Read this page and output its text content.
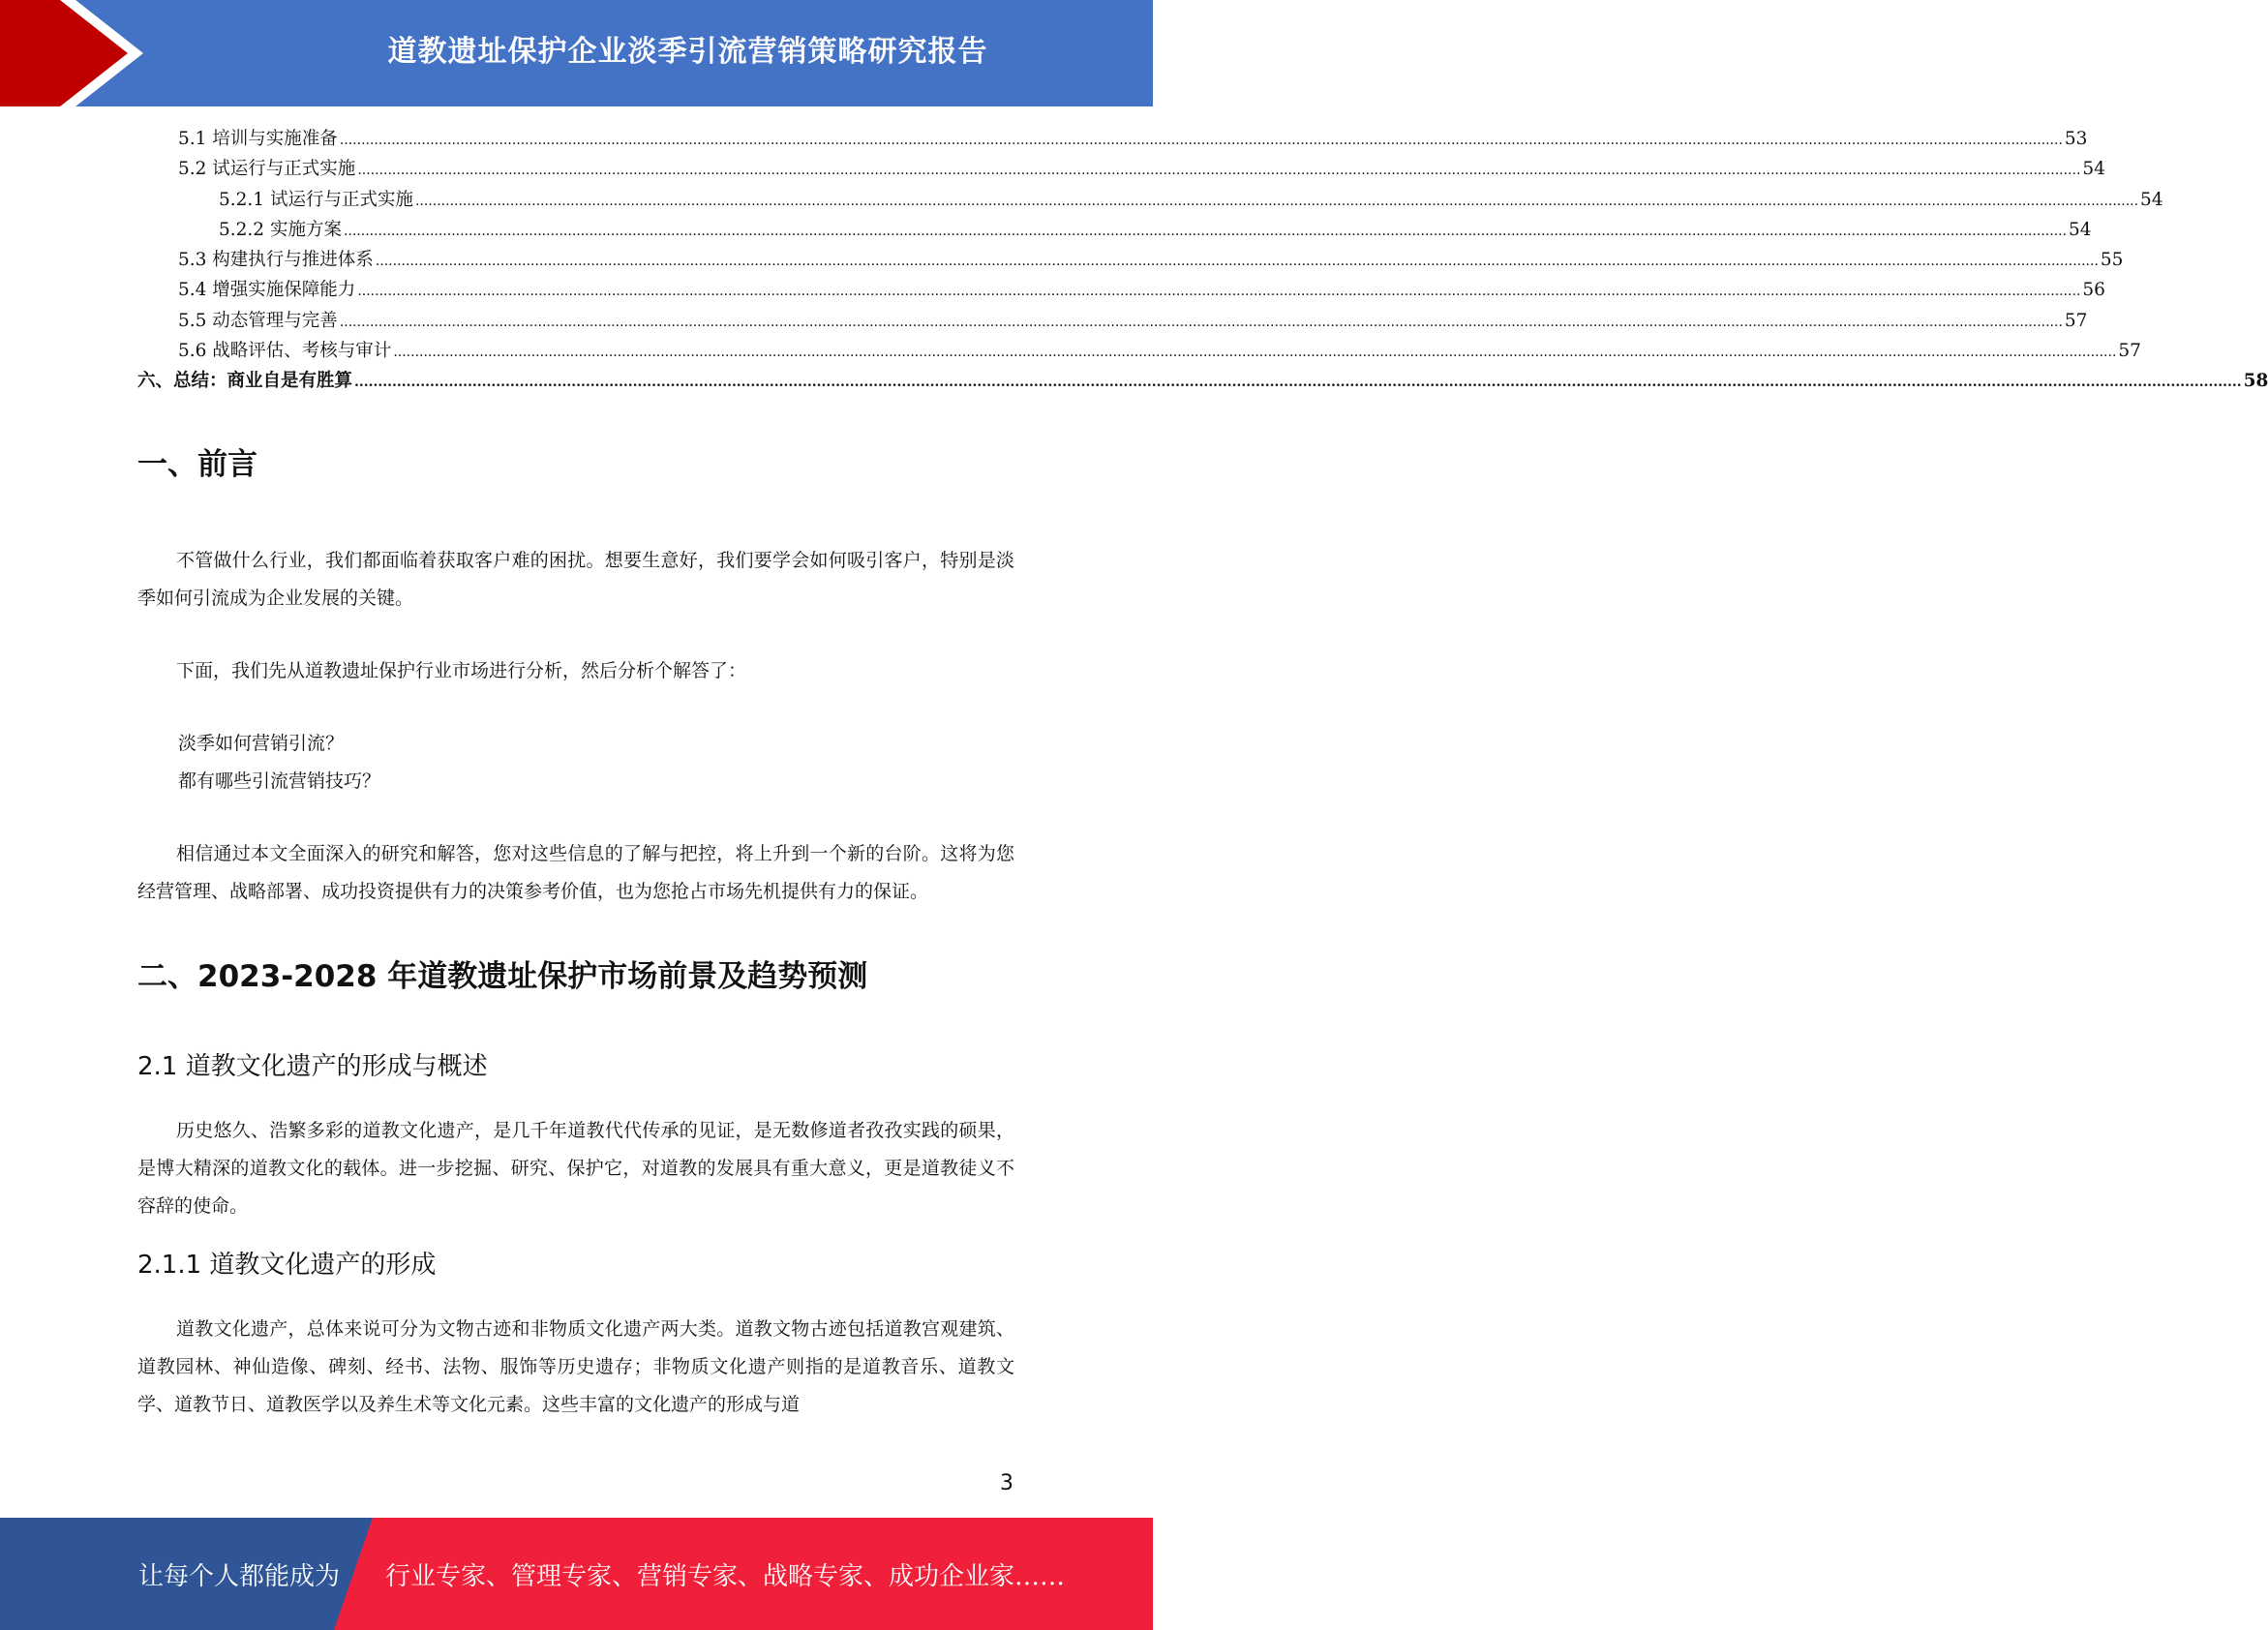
道教遗址保护企业淡季引流营销策略研究报告
5.1 培训与实施准备 ................................................................................................................................................................................................................................................................................................................................................................................................................ 53
5.2 试运行与正式实施 ................................................................................................................................................................................................................................................................................................................................................................................................................ 54
5.2.1 试运行与正式实施 ................................................................................................................................................................................................................................................................................................................................................................................................................ 54
5.2.2 实施方案 ................................................................................................................................................................................................................................................................................................................................................................................................................ 54
5.3 构建执行与推进体系 ................................................................................................................................................................................................................................................................................................................................................................................................................ 55
5.4 增强实施保障能力 ................................................................................................................................................................................................................................................................................................................................................................................................................ 56
5.5 动态管理与完善 ................................................................................................................................................................................................................................................................................................................................................................................................................ 57
5.6 战略评估、考核与审计 ................................................................................................................................................................................................................................................................................................................................................................................................................ 57
六、总结：商业自是有胜算 ................................................................................................................................................................................................................................................................................................................................................................................................................ 58
一、前言

不管做什么行业，我们都面临着获取客户难的困扰。想要生意好，我们要学会如何吸引客户，特别是淡季如何引流成为企业发展的关键。

下面，我们先从道教遗址保护行业市场进行分析，然后分析个解答了：

淡季如何营销引流？

都有哪些引流营销技巧？

相信通过本文全面深入的研究和解答，您对这些信息的了解与把控，将上升到一个新的台阶。这将为您经营管理、战略部署、成功投资提供有力的决策参考价值，也为您抢占市场先机提供有力的保证。

二、2023-2028 年道教遗址保护市场前景及趋势预测
2.1 道教文化遗产的形成与概述

历史悠久、浩繁多彩的道教文化遗产，是几千年道教代代传承的见证，是无数修道者孜孜实践的硕果，是博大精深的道教文化的载体。进一步挖掘、研究、保护它，对道教的发展具有重大意义，更是道教徒义不容辞的使命。

2.1.1 道教文化遗产的形成

道教文化遗产，总体来说可分为文物古迹和非物质文化遗产两大类。道教文物古迹包括道教宫观建筑、道教园林、神仙造像、碑刻、经书、法物、服饰等历史遗存；非物质文化遗产则指的是道教音乐、道教文学、道教节日、道教医学以及养生术等文化元素。这些丰富的文化遗产的形成与道

3
让每个人都能成为 行业专家、管理专家、营销专家、战略专家、成功企业家……
